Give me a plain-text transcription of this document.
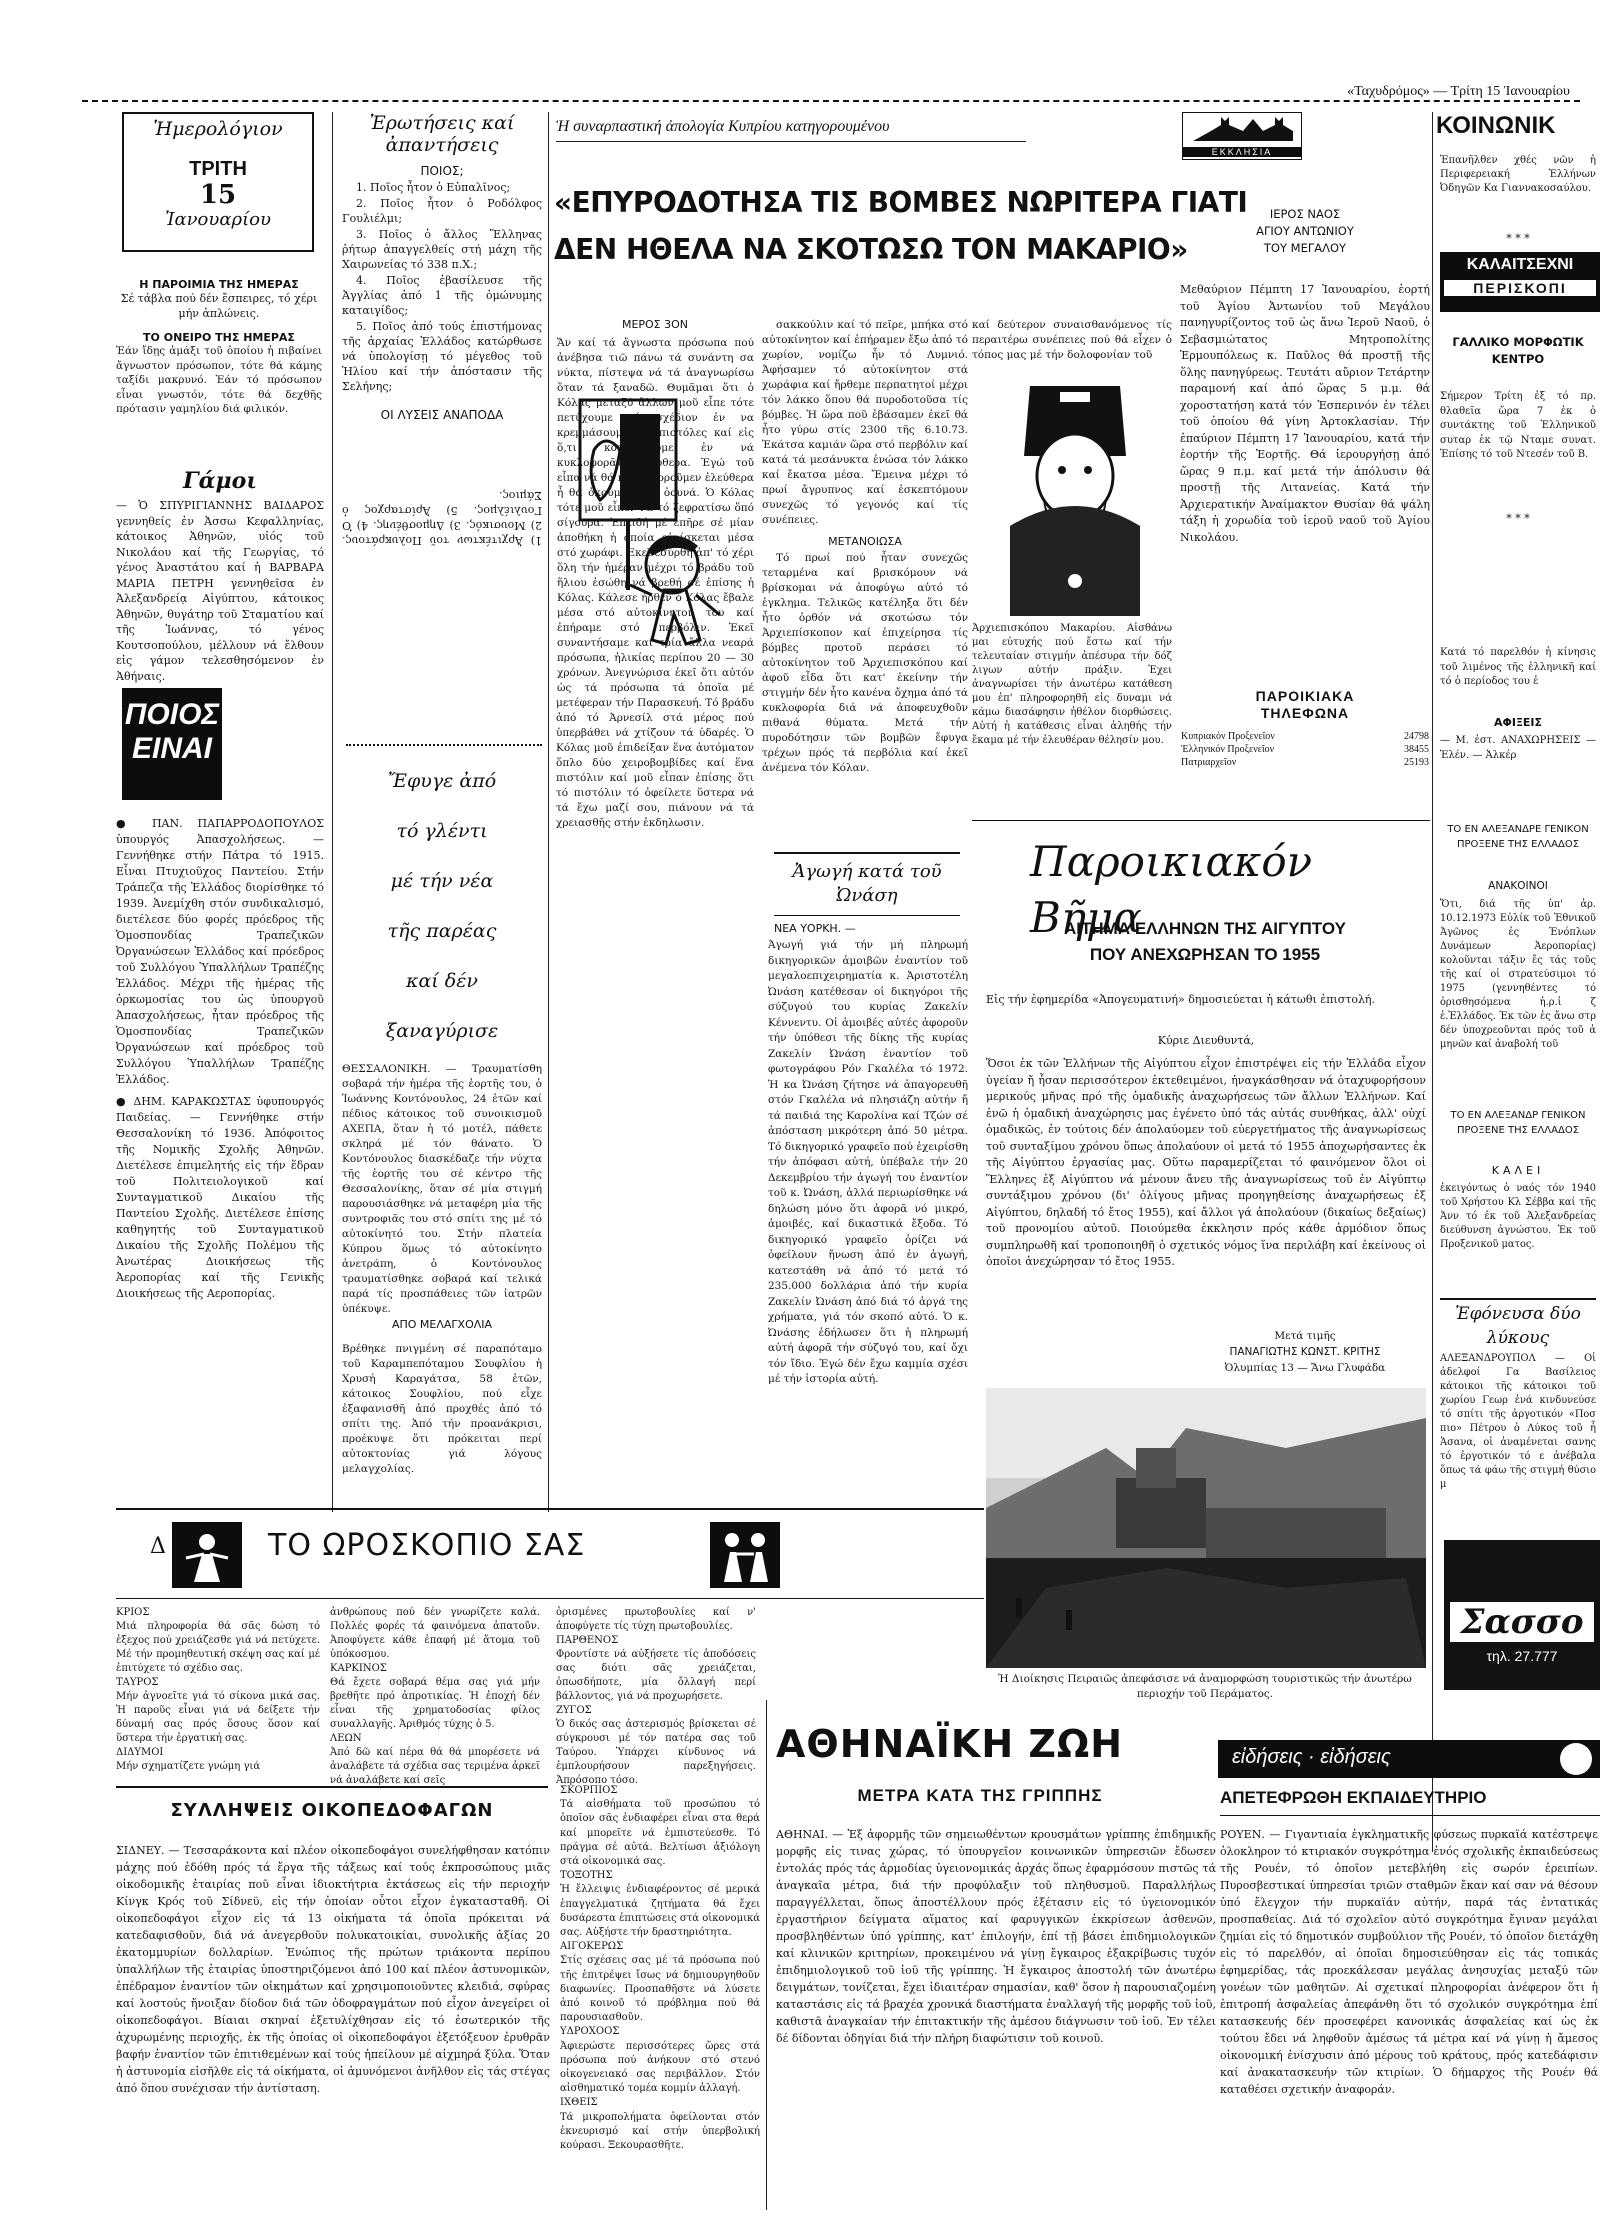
«Ταχυδρόμος» — Τρίτη 15 Ἰανουαρίου
Ἡμερολόγιον
ΤΡΙΤΗ
15
Ἰανουαρίου
Η ΠΑΡΟΙΜΙΑ ΤΗΣ ΗΜΕΡΑΣ
Σέ τάβλα πού δέν ἔσπειρες, τό χέρι μήν ἁπλώνεις.
ΤΟ ΟΝΕΙΡΟ ΤΗΣ ΗΜΕΡΑΣ
Ἐάν ἴδῃς ἁμάξι τοῦ ὁποίου ἡ πιβαίνει ἄγνωστον πρόσωπον, τότε θά κάμης ταξίδι μακρυνό. Ἐάν τό πρόσωπον εἶναι γνωστόν, τότε θά δεχθῆς πρότασιν γαμηλίου διά φιλικόν.
Γάμοι
— Ὁ ΣΠΥΡΙΓΙΑΝΝΗΣ ΒΑΙΔΑΡΟΣ γεννηθείς ἐν Ἀσσω Κεφαλληνίας, κάτοικος Ἀθηνῶν, υἱός τοῦ Νικολάου καί τῆς Γεωργίας, τό γένος Ἀναστάτου καί ἡ ΒΑΡΒΑΡΑ ΜΑΡΙΑ ΠΕΤΡΗ γεννηθεῖσα ἐν Ἀλεξανδρείᾳ Αἰγύπτου, κάτοικος Ἀθηνῶν, θυγάτηρ τοῦ Σταματίου καί τῆς Ἰωάννας, τό γένος Κουτσοπούλου, μέλλουν νά ἔλθουν εἰς γάμον τελεσθησόμενον ἐν Ἀθήναις.
ΠΟΙΟΣ
ΕΙΝΑΙ
● ΠΑΝ. ΠΑΠΑΡΡΟΔΟΠΟΥΛΟΣ ὑπουργός Ἀπασχολήσεως. — Γεννήθηκε στήν Πάτρα τό 1915. Εἶναι Πτυχιοῦχος Παντείου. Στήν Τράπεζα τῆς Ἑλλάδος διορίσθηκε τό 1939. Ἀνεμίχθη στόν συνδικαλισμό, διετέλεσε δύο φορές πρόεδρος τῆς Ὁμοσπονδίας Τραπεζικῶν Ὀργανώσεων Ἑλλάδος καί πρόεδρος τοῦ Συλλόγου Ὑπαλλήλων Τραπέζης Ἑλλάδος. Μέχρι τῆς ἡμέρας τῆς ὁρκωμοσίας του ὡς ὑπουργοῦ Ἀπασχολήσεως, ἦταν πρόεδρος τῆς Ὁμοσπονδίας Τραπεζικῶν Ὀργανώσεων καί πρόεδρος τοῦ Συλλόγου Ὑπαλλήλων Τραπέζης Ἑλλάδος.
● ΔΗΜ. ΚΑΡΑΚΩΣΤΑΣ ὑφυπουργός Παιδείας. — Γεννήθηκε στήν Θεσσαλονίκη τό 1936. Ἀπόφοιτος τῆς Νομικῆς Σχολῆς Ἀθηνῶν. Διετέλεσε ἐπιμελητής εἰς τήν ἕδραν τοῦ Πολιτειολογικοῦ καί Συνταγματικοῦ Δικαίου τῆς Παντείου Σχολῆς. Διετέλεσε ἐπίσης καθηγητής τοῦ Συνταγματικοῦ Δικαίου τῆς Σχολῆς Πολέμου τῆς Ἀνωτέρας Διοικήσεως τῆς Ἀεροπορίας καί τῆς Γενικῆς Διοικήσεως τῆς Αεροπορίας.
Ἐρωτήσεις καί ἀπαντήσεις
ΠΟΙΟΣ;

1. Ποῖος ἦτον ὁ Εὐπαλῖνος;

2. Ποῖος ἦτον ὁ Ροδόλφος Γουλιέλμι;

3. Ποῖος ὁ ἄλλος Ἕλληνας ῥήτωρ ἀπαγγελθείς στή μάχη τῆς Χαιρωνείας τό 338 π.Χ.;

4. Ποῖος ἐβασίλευσε τῆς Ἀγγλίας ἀπό 1 τῆς ὁμώνυμης καταιγίδος;

5. Ποῖος ἀπό τούς ἐπιστήμονας τῆς ἀρχαίας Ἑλλάδος κατώρθωσε νά ὑπολογίσῃ τό μέγεθος τοῦ Ἡλίου καί τήν ἀπόστασιν τῆς Σελήνης;

ΟΙ ΛΥΣΕΙΣ ΑΝΑΠΟΔΑ
1) Ἀρχιτέκτων τοῦ Πολυκράτους. 2) Μουσικός. 3) Δημοσθένης. 4) Ὁ Γουλιέλμος. 5) Ἀρίσταρχος ὁ Σάμιος.
Ἔφυγε ἀπό
τό γλέντι
μέ τήν νέα
τῆς παρέας
καί δέν
ξαναγύρισε
ΘΕΣΣΑΛΟΝΙΚΗ. — Τραυματίσθη σοβαρά τήν ἡμέρα τῆς ἑορτῆς του, ὁ Ἰωάννης Κοντόνουλος, 24 ἐτῶν καί πέδιος κάτοικος τοῦ συνοικισμοῦ ΑΧΕΠΑ, ὅταν ἡ τό μοτέλ, πάθετε σκληρά μέ τόν θάνατο. Ὁ Κοντόνουλος διασκέδαζε τήν νύχτα τῆς ἑορτῆς του σέ κέντρο τῆς Θεσσαλονίκης, ὅταν σέ μία στιγμή παρουσιάσθηκε νά μεταφέρη μία τῆς συντροφιᾶς του στό σπίτι της μέ τό αὐτοκίνητό του. Στήν πλατεία Κύπρου ὅμως τό αὐτοκίνητο ἀνετράπη, ὁ Κοντόνουλος τραυματίσθηκε σοβαρά καί τελικά παρά τίς προσπάθειες τῶν ἰατρῶν ὑπέκυψε.
ΑΠΟ ΜΕΛΑΓΧΟΛΙΑ
Βρέθηκε πνιγμένη σέ παραπόταμο τοῦ Καραμπεπόταμου Σουφλίου ἡ Χρυσή Καραγάτσα, 58 ἐτῶν, κάτοικος Σουφλίου, πού εἶχε ἐξαφανισθῆ ἀπό προχθές ἀπό τό σπίτι της. Ἀπό τήν προανάκρισι, προέκυψε ὅτι πρόκειται περί αὐτοκτονίας γιά λόγους μελαγχολίας.
Ἡ συναρπαστική ἀπολογία Κυπρίου κατηγορουμένου
«ΕΠΥΡΟΔΟΤΗΣΑ ΤΙΣ ΒΟΜΒΕΣ ΝΩΡΙΤΕΡΑ ΓΙΑΤΙ
ΔΕΝ ΗΘΕΛΑ ΝΑ ΣΚΟΤΩΣΩ ΤΟΝ ΜΑΚΑΡΙΟ»
ΜΕΡΟΣ 3ΟΝ
Ἄν καί τά ἄγνωστα πρόσωπα πού ἀνέβησα τιῶ πάνω τά συνάντη σα νύκτα, πίστεψα νά τά ἀναγνωρίσω ὅταν τά ξαναδῶ. Θυμᾶμαι ὅτι ὁ Κόλας μεταξύ ἄλλων μοῦ εἶπε τότε πετύχουμε τό σχέδιον ἐν να κρεμμάσουμε τές πιστόλες καί εἰς ὅ,τι κοπετήσουμε ἐν νά κυκλοφορᾶτε ἐλεύθερα. Ἐγώ τοῦ εἶπα νά θά κυκλοφοροῦμεν ἐλεύθερα ἦ θά ὁκούμεν στά ὀουνά. Ὁ Κόλας τότε μοῦ εἶπεν νά τό ξεφρατίσω ὅπό σίγουρα. Ἐπειδή μέ ἐπῆρε σέ μίαν ἀποθήκη ἡ ὁποία εὑρίσκεται μέσα στό χωράφι. Ἐκεῖ ἐσύρθη ἀπ' τό χέρι ὅλη τήν ἡμέραν μέχρι τό βράδυ τοῦ ἥλιου ἐσώθη νά βρεθή σέ ἐπίσης ἡ Κόλας. Κάλεσε ἦρθεν ὁ Κόλας ἔβαλε μέσα στό αὐτοκίνητον του καί ἐπήραμε στό περβόλιν. Ἐκεῖ συναντήσαμε καί τρία ἄλλα νεαρά πρόσωπα, ἡλικίας περίπου 20 — 30 χρόνων. Ἀνεγνώρισα ἐκεῖ ὅτι αὐτόν ὡς τά πρόσωπα τά ὁποῖα μέ μετέφεραν τήν Παρασκευή. Τό βράδυ ἀπό τό Ἀρνεσίλ στά μέρος πού ὑπερβάθει νά χτίζουν τά ὑδαρές. Ὁ Κόλας μοῦ ἐπιδείξαν ἕνα ἀυτόματον ὅπλο δύο χειροβομβίδες καί ἕνα πιστόλιν καί μοῦ εἶπαν ἐπίσης ὅτι τό πιστόλιν τό ὀφείλετε ὕστερα νά τά ἔχω μαζί σου, πιάνουν νά τά χρειασθῆς στήν ἐκδηλωσιν.

σακκούλιν καί τό πεῖρε, μπήκα στό αὐτοκίνητον καί ἐπήραμεν ἔξω ἀπό τό χωρίον, νομίζω ἦν τό Λυμνιό. Ἀφήσαμεν τό αὐτοκίνητον στά χωράφια καί ἤρθεμε περπατητοί μέχρι τόν λάκκο ὅπου θά πυροδοτοῦσα τίς βόμβες. Ἡ ὥρα ποῦ ἐβάσαμεν ἐκεῖ θά ἦτο γύρω στίς 2300 τῆς 6.10.73. Ἐκάτσα καμιάν ὥρα στό περβόλιν καί κατά τά μεσάνυκτα ἐνώσα τόν λάκκο καί ἔκατσα μέσα. Ἔμεινα μέχρι τό πρωί ἄγρυπνος καί ἐσκεπτόμουν συνεχῶς τό γεγονός καί τίς συνέπειες.

ΜΕΤΑΝΟΙΩΣΑ

Τό πρωί πού ἦταν συνεχῶς τεταρμένα καί βρισκόμουν νά βρίσκομαι νά ἀποφύγω αὐτό τό ἐγκλημα. Τελικῶς κατέληξα ὅτι δέν ἦτο ὀρθόν νά σκοτώσω τόν Ἀρχιεπίσκοπον καί ἐπιχείρησα τίς βόμβες προτοῦ περάσει τό αὐτοκίνητον τοῦ Ἀρχιεπισκόπου καί ἀφοῦ εἶδα ὅτι κατ' ἐκείνην τήν στιγμήν δέν ἦτο κανένα ὄχημα ἀπό τά κυκλοφορία διά νά ἀποφευχθοῦν πιθανά θύματα. Μετά τήν πυροδότησιν τῶν βομβῶν ἔφυγα τρέχων πρός τά περβόλια καί ἐκεῖ ἀνέμενα τόν Κόλαν.

καί δεύτερον συναισθανόμενος τίς περαιτέρω συνέπειες πού θά εἶχεν ὁ τόπος μας μέ τήν δολοφονίαν τοῦ
Ἀρχιεπισκόπου Μακαρίου. Αἰσθάνω μαι εὐτυχής πού ἔστω καί τήν τελευταίαν στιγμήν ἀπέσυρα τήν δόζ λιγων αὐτήν πράξιν. Ἐχει ἀναγνωρίσει τήν ἀνωτέρω κατάθεση μου ἐπ' πληροφορηθῆ εἰς δυναμι νά κάμω διασάφησιν ἠθέλον διορθώσεις. Αὐτή ἡ κατάθεσις εἶναι ἀληθής τήν ἔκαμα μέ τήν ἐλευθέραν θέλησίν μου.
Ἀγωγή κατά τοῦ Ὠνάση
ΝΕΑ ΥΟΡΚΗ. —
Ἀγωγή γιά τήν μή πληρωμή δικηγορικῶν ἀμοιβῶν ἐναντίον τοῦ μεγαλοεπιχειρηματία κ. Ἀριστοτέλη Ὠνάση κατέθεσαν οἱ δικηγόροι τῆς σύζυγού του κυρίας Ζακελίν Κέννεντυ. Οἱ ἀμοιβές αὐτές ἀφοροῦν τήν ὑπόθεσι τῆς δίκης τῆς κυρίας Ζακελίν Ὠνάση ἐναντίον τοῦ φωτογράφου Ρόν Γκαλέλα τό 1972. Ἡ κα Ὠνάση ζήτησε νά ἀπαγορευθῆ στόν Γκαλέλα νά πλησιάζη αὐτήν ἤ τά παιδιά της Καρολίνα καί Τζών σέ ἀπόσταση μικρότερη ἀπό 50 μέτρα. Τό δικηγορικό γραφεῖο πού ἐχειρίσθη τήν ἀπόφασι αὐτή, ὑπέβαλε τήν 20 Δεκεμβρίου τήν ἀγωγή του ἐναντίον τοῦ κ. Ὠνάση, ἀλλά περιωρίσθηκε νά δηλώση μόνο ὅτι ἀφορᾶ νό μικρό, ἀμοιβές, καί δικαστικά ἔξοδα. Τό δικηγορικό γραφεῖο ὁρίζει νά ὀφείλουν ἤνωση ἀπό ἐν ἀγωγή, κατεστάθη νά ἀπό τό μετά τό 235.000 δολλάρια ἀπό τήν κυρία Ζακελίν Ὠνάση ἀπό διά τό ἀργά της χρήματα, γιά τόν σκοπό αὐτό. Ὁ κ. Ὠνάσης ἐδήλωσεν ὅτι ἡ πληρωμή αὐτή ἀφορᾶ τήν σύζυγό του, καί ὄχι τόν ἴδιο. Ἐγώ δέν ἔχω καμμία σχέσι μέ τήν ἱστορία αὐτή.
ΕΚΚΛΗΣΙΑ
ΙΕΡΟΣ ΝΑΟΣ
ΑΓΙΟΥ ΑΝΤΩΝΙΟΥ
ΤΟΥ ΜΕΓΑΛΟΥ
Μεθαύριον Πέμπτη 17 Ἰανουαρίου, ἑορτή τοῦ Ἁγίου Ἀντωνίου τοῦ Μεγάλου πανηγυρίζοντος τοῦ ὡς ἄνω Ἱεροῦ Ναοῦ, ὁ Σεβασμιώτατος Μητροπολίτης Ἑρμουπόλεως κ. Παῦλος θά προστῇ τῆς ὅλης πανηγύρεως. Τευτάτι αὔριον Τετάρτην παραμονή καί ἀπό ὥρας 5 μ.μ. θά χοροστατήση κατά τόν Ἑσπερινόν ἐν τέλει τοῦ ὁποίου θά γίνη Ἀρτοκλασίαν. Τήν ἐπαύριον Πέμπτη 17 Ἰανουαρίου, κατά τήν ἑορτήν τῆς Ἑορτῆς. Θά ἱερουργήσῃ ἀπό ὥρας 9 π.μ. καί μετά τήν ἀπόλυσιν θά προστῇ τῆς Λιτανείας. Κατά τήν Ἀρχιερατικήν Ἀναίμακτον Θυσίαν θά ψάλη τάξη ἡ χορωδία τοῦ ἱεροῦ ναοῦ τοῦ Ἁγίου Νικολάου.
ΠΑΡΟΙΚΙΑΚΑ ΤΗΛΕΦΩΝΑ
Κυπριακόν Προξενεῖον	24798
Ἑλληνικόν Προξενεῖον	38455
Πατριαρχεῖον	25193
Παροικιακόν Βῆμα
ΑΙΤΗΜΑ ΕΛΛΗΝΩΝ ΤΗΣ ΑΙΓΥΠΤΟΥ
ΠΟΥ ΑΝΕΧΩΡΗΣΑΝ ΤΟ 1955
Εἰς τήν ἐφημερίδα «Ἀπογευματινή» δημοσιεύεται ἡ κάτωθι ἐπιστολή.
Κύριε Διευθυντά,
Ὅσοι ἐκ τῶν Ἑλλήνων τῆς Αἰγύπτου εἶχον ἐπιστρέψει εἰς τήν Ἑλλάδα εἶχον ὑγείαν ἤ ἦσαν περισσότερον ἐκτεθειμένοι, ἠναγκάσθησαν νά ὁταχυφορήσουν μερικούς μῆνας πρό τῆς ὁμαδικῆς ἀναχωρήσεως τῶν ἄλλων Ἑλλήνων. Καί ἐνῶ ἡ ὁμαδική ἀναχώρησις μας ἐγένετο ὑπό τάς αὐτάς συνθήκας, ἀλλ' οὐχί ὁμαδικῶς, ἐν τούτοις δέν ἀπολαύομεν τοῦ εὐεργετήματος τῆς ἀναγνωρίσεως τοῦ συνταξίμου χρόνου ὅπως ἀπολαύουν οἱ μετά τό 1955 ἀποχωρήσαντες ἐκ τῆς Αἰγύπτου ἐργασίας μας. Οὕτω παραμερίζεται τό φαινόμενον ὅλοι οἱ Ἕλληνες ἐξ Αἰγύπτου νά μένουν ἄνευ τῆς ἀναγνωρίσεως τοῦ ἐν Αἰγύπτῳ συντάξιμου χρόνου (δι' ὀλίγους μῆνας προηγηθείσης ἀναχωρήσεως ἐξ Αἰγύπτου, δηλαδή τό ἔτος 1955), καί ἄλλοι γά ἀπολαύουν (δικαίως δεξαίως) τοῦ προνομίου αὐτοῦ. Ποιούμεθα ἐκκλησιν πρός κάθε ἁρμόδιον ὅπως συμπληρωθῆ καί τροποποιηθῆ ὁ σχετικός νόμος ἵνα περιλάβη καί ἐκείνους οἱ ὁποῖοι ἀνεχώρησαν τό ἔτος 1955.
Μετά τιμῆς
ΠΑΝΑΓΙΩΤΗΣ ΚΩΝΣΤ. ΚΡΙΤΗΣ
Ὀλυμπίας 13 — Ἄνω Γλυφάδα
Ἡ Διοίκησις Πειραιῶς ἀπεφάσισε νά ἀναμορφώση τουριστικῶς τήν ἀνωτέρω περιοχήν τοῦ Περάματος.
ΚΟΙΝΩΝΙΚ
Ἐπανῆλθεν χθές νῶν ἡ Περιφερειακή Ἑλλήνων Ὀδηγῶν Κα Γιαννακοσαύλου.
* * *
ΚΑΛΑΙΤΣΕΧΝΙ
ΠΕΡΙΣΚΟΠΙ
ΓΑΛΛΙΚΟ ΜΟΡΦΩΤΙΚ ΚΕΝΤΡΟ
Σήμερον Τρίτη ἐξ τό πρ. θλαθεῖα ὥρα 7 ἐκ ὁ συντάκτης τοῦ Ἑλληνικοῦ συταρ ἐκ τῷ Νταμε συνατ. Ἐπίσης τό τοῦ Ντεσέν τοῦ Β.
* * *
Κατά τό παρελθόν ἡ κίνησις τοῦ λιμένος τῆς ἑλληνικῆ καί τό ὁ περίοδος του ἐ
ΑΦΙΞΕΙΣ
— Μ. ἐστ. ΑΝΑΧΩΡΗΣΕΙΣ — Ἑλέν. — Ἀλκέρ
ΤΟ ΕΝ ΑΛΕΞΑΝΔΡΕ ΓΕΝΙΚΟΝ ΠΡΟΞΕΝΕ ΤΗΣ ΕΛΛΑΔΟΣ
ΑΝΑΚΟΙΝΟΙ
Ὅτι, διά τῆς ὑπ' ἀρ. 10.12.1973 Εὐλίκ τοῦ Ἑθνικοῦ Ἀγῶνος ἐς Ἐνόπλων Δυνάμεων Ἀεροπορίας) κολοῦνται τάξιν ἔς τάς τοῦς τῆς καί οἱ στρατεύσιμοι τό 1975 (γεννηθέντες τό ὀρισθησόμενα ἡ.ρ.ἰ ζ ἐ.Ἑλλάδος. Ἐκ τῶν ἐς ἄνω στρ δέν ὑποχρεοῦνται πρός τοῦ ἀ μηνῶν καί ἀναβολή τοῦ
ΤΟ ΕΝ ΑΛΕΞΑΝΔΡ ΓΕΝΙΚΟΝ ΠΡΟΞΕΝΕ ΤΗΣ ΕΛΛΑΔΟΣ
ΚΑΛΕΙ
ἐκειγόντως ὁ ναός τόν 1940 τοῦ Χρήστου Κλ Σέββα καί τῆς Ἀνν τό ἐκ τοῦ Ἀλεξανδρείας διεύθυνση ἀγνώστου. Ἐκ τοῦ Προξενικοῦ ματος.
Ἐφόνευσα δύο λύκους
ΑΛΕΞΑΝΔΡΟΥΠΟΛ — Οἱ ἀδελφοί Γα Βασίλειος κάτοικοι τῆς κάτοικοι τοῦ χωρίου Γεωρ ἐνά κινδυνεύσε τό σπίτι τῆς ἀργοτικόν «Ποσ πιο» Πέτρου ὁ Λύκος τοῦ ἦ Ἁσανα, οἱ ἀναμένεται σανης τό ἐργοτικόν τό ε ἀνέβαλα ὅπως τά φάω τῆς στιγμή θύσιο μ
Σασσο
τηλ. 27.777
Δ	ΤΟ ΩΡΟΣΚΟΠΙΟ ΣΑΣ
ΚΡΙΟΣ
Μιά πληροφορία θά σᾶς δώση τό ἐξεχος πού χρειάζεσθε γιά νά πετύχετε. Μέ τήν προμηθευτική σκέψη σας καί μέ ἐπιτύχετε τό σχέδιο σας.
ΤΑΥΡΟΣ
Μήν ἀγνοεῖτε γιά τό σίκονα μικά σας. Ἡ παροῦς εἶναι γιά νά δείξετε τήν δύναμή σας πρός ὅσους ὅσον καί ὕστερα τήν ἐργατική σας.
ΔΙΔΥΜΟΙ
Μήν σχηματίζετε γνώμη γιά
ἀνθρώπους πού δέν γνωρίζετε καλά. Πολλές φορές τά φαινόμενα ἀπατοῦν. Ἀποφύγετε κάθε ἐπαφή μέ ἄτομα τοῦ ὑπόκοσμου.
ΚΑΡΚΙΝΟΣ
Θά ἔχετε σοβαρά θέμα σας γιά μήν βρεθῆτε πρό ἀπροτικίας. Ἡ ἐποχή δέν εἶναι τῆς χρηματοδοσίας φίλος συναλλαγῆς. Ἀριθμός τύχης ὁ 5.
ΛΕΩΝ
Ἀπό δῶ καί πέρα θά θά μπορέσετε νά ἀναλάβετε τά σχέδια σας τεριμένα ἀρκεῖ νά ἀναλάβετε καί σεῖς
ὁρισμένες πρωτοβουλίες καί ν' ἀποφύγετε τίς τύχη πρωτοβουλίες.
ΠΑΡΘΕΝΟΣ
Φροντίστε νά αὐξήσετε τίς ἀποδόσεις σας διότι σᾶς χρειάζεται, ὁπωσδήποτε, μία ὄλλαγή περί βάλλοντος, γιά νά προχωρήσετε.
ΖΥΓΟΣ
Ὁ δικός σας ἀστερισμός βρίσκεται σέ σύγκρουσι μέ τόν πατέρα σας τοῦ Ταύρου. Ὑπάρχει κίνδυνος νά ἐμπλουρήσουν παρεξηγήσεις. Ἀπρόσοπο τόσο.
ΣΚΟΡΠΙΟΣ
Τά αἰσθήματα τοῦ προσώπου τό ὁποῖον σᾶς ἐνδιαφέρει εἶναι στα θερά καί μπορεῖτε νά ἐμπιστεύεσθε. Τό πράγμα σέ αὐτά. Βελτίωσι ἀξιόλογη στά οἰκονομικά σας.
ΤΟΞΟΤΗΣ
Ἡ ἔλλειψις ἐνδιαφέροντος σέ μερικά ἐπαγγελματικά ζητήματα θά ἔχει δυσάρεστα ἐπιπτώσεις στά οἰκονομικά σας. Αὐξήστε τήν δραστηριότητα.
ΑΙΓΟΚΕΡΩΣ
Στίς σχέσεις σας μέ τά πρόσωπα πού τῆς ἐπιτρέψει ἴσως νά δημιουργηθοῦν διαφωνίες. Προσπαθῆστε νά λύσετε ἀπό κοινοῦ τό πρόβλημα πού θά παρουσιασθοῦν.
ΥΔΡΟΧΟΟΣ
Ἀφιερώστε περισσότερες ὥρες στά πρόσωπα πού ἀνήκουν στό στενό οἰκογενειακό σας περιβάλλον. Στόν αἰσθηματικό τομέα κομμίν ἀλλαγή.
ΙΧΘΕΙΣ
Τά μικροπολήματα ὀφείλονται στόν ἐκνευρισμό καί στήν ὑπερβολική κούρασι. Ξεκουρασθῆτε.
ΣΥΛΛΗΨΕΙΣ ΟΙΚΟΠΕΔΟΦΑΓΩΝ
ΣΙΔΝΕΥ. — Τεσσαράκοντα καί πλέον οἰκοπεδοφάγοι συνελήφθησαν κατόπιν μάχης πού ἐδόθη πρός τά ἔργα τῆς τάξεως καί τούς ἐκπροσώπους μιᾶς οἰκοδομικῆς ἑταιρίας ποῦ εἶναι ἰδιοκτήτρια ἐκτάσεως εἰς τήν περιοχήν Κίνγκ Κρός τοῦ Σίδνεϋ, εἰς τήν ὁποίαν οὗτοι εἶχον ἐγκατασταθῆ. Οἱ οἰκοπεδοφάγοι εἶχον εἰς τά 13 οἰκήματα τά ὁποῖα πρόκειται νά κατεδαφισθοῦν, διά νά ἀνεγερθοῦν πολυκατοικίαι, συνολικῆς ἀξίας 20 ἑκατομμυρίων δολλαρίων. Ἐνώπιος τῆς πρώτων τριάκοντα περίπου ὑπαλλήλων τῆς ἑταιρίας ὑποστηριζόμενοι ἀπό 100 καί πλέον ἀστυνομικῶν, ἐπέδραμον ἐναντίον τῶν οἰκημάτων καί χρησιμοποιοῦντες κλειδιά, σφύρας καί λοστούς ἤνοιξαν δίοδον διά τῶν ὀδοφραγμάτων πού εἶχον ἀνεγείρει οἱ οἰκοπεδοφάγοι. Βίαιαι σκηναί ἐξετυλίχθησαν εἰς τό ἐσωτερικόν τῆς ἀχυρωμένης περιοχῆς, ἐκ τῆς ὁποίας οἱ οἰκοπεδοφάγοι ἐξετόξευον ἐρυθρᾶν βαφήν ἐναντίον τῶν ἐπιτιθεμένων καί τούς ἠπείλουν μέ αἰχμηρά ξύλα. Ὅταν ἡ ἀστυνομία εἰσῆλθε εἰς τά οἰκήματα, οἱ ἀμυνόμενοι ἀνῆλθον εἰς τάς στέγας ἀπό ὅπου συνέχισαν τήν ἀντίσταση.
ΑΘΗΝΑΪΚΗ ΖΩΗ
ΜΕΤΡΑ ΚΑΤΑ ΤΗΣ ΓΡΙΠΠΗΣ
ΑΘΗΝΑΙ. — Ἐξ ἀφορμῆς τῶν σημειωθέντων κρουσμάτων γρίππης ἐπιδημικῆς μορφῆς εἰς τινας χώρας, τό ὑπουργεῖον κοινωνικῶν ὑπηρεσιῶν ἔδωσεν ἐντολάς πρός τάς ἁρμοδίας ὑγειονομικάς ἀρχάς ὅπως ἐφαρμόσουν πιστῶς τά ἀναγκαῖα μέτρα, διά τήν προφύλαξιν τοῦ πληθυσμοῦ. Παραλλήλως παραγγέλλεται, ὅπως ἀποστέλλουν πρός ἐξέτασιν εἰς τό ὑγειονομικόν ἐργαστήριον δείγματα αἵματος καί φαρυγγικῶν ἐκκρίσεων ἀσθενῶν, προσβληθέντων ὑπό γρίππης, κατ' ἐπιλογήν, ἐπί τῇ βάσει ἐπιδημιολογικῶν καί κλινικῶν κριτηρίων, προκειμένου νά γίνῃ ἔγκαιρος ἐξακρίβωσις τυχόν ἐπιδημιολογικοῦ τοῦ ἰοῦ τῆς γρίππης. Ἡ ἔγκαιρος ἀποστολή τῶν ἀνωτέρω δειγμάτων, τονίζεται, ἔχει ἰδιαιτέραν σημασίαν, καθ' ὅσον ἡ παρουσιαζομένη καταστάσις εἰς τά βραχέα χρονικά διαστήματα ἐναλλαγή τῆς μορφῆς τοῦ ἰοῦ, καθιστᾶ ἀναγκαίαν τήν ἐπιτακτικήν τῆς ἀμέσου διάγνωσιν τοῦ ἰοῦ. Ἐν τέλει δέ δίδονται ὁδηγίαι διά τήν πλήρη διαφώτισιν τοῦ κοινοῦ.
εἰδήσεις · εἰδήσεις
ΑΠΕΤΕΦΡΩΘΗ ΕΚΠΑΙΔΕΥΤΗΡΙΟ
ΡΟΥΕΝ. — Γιγαντιαία ἐγκληματικῆς φύσεως πυρκαϊά κατέστρεψε ὁλοκληρον τό κτιριακόν συγκρότημα ἑνός σχολικῆς ἐκπαιδεύσεως τῆς Ρουέν, τό ὁποῖον μετεβλήθη εἰς σωρόν ἐρειπίων. Πυροσβεστικαί ὑπηρεσίαι τριῶν σταθμῶν ἔκαν καί σαν νά θέσουν ὑπό ἔλεγχον τήν πυρκαϊάν αὐτήν, παρά τάς ἐντατικάς προσπαθείας. Διά τό σχολεῖον αὐτό συγκρότημα ἔγιναν μεγάλαι ζημίαι εἰς τό δημοτικόν συμβούλιον τῆς Ρουέν, τό ὁποῖον διετάχθη εἰς τό παρελθόν, αἱ ὁποῖαι δημοσιεύθησαν εἰς τάς τοπικάς ἐφημερίδας, τάς προεκάλεσαν μεγάλας ἀνησυχίας μεταξύ τῶν γονέων τῶν μαθητῶν. Αἱ σχετικαί πληροφορίαι ἀνέφερον ὅτι ἡ ἐπιτροπή ἀσφαλείας ἀπεφάνθη ὅτι τό σχολικόν συγκρότημα ἐπί κατασκευής δέν προσεφέρει κανονικάς ἀσφαλείας καί ὡς ἐκ τούτου ἔδει νά ληφθοῦν ἀμέσως τά μέτρα καί νά γίνῃ ἡ ἄμεσος οἰκονομική ἐνίσχυσιν ἀπό μέρους τοῦ κράτους, πρός κατεδάφισιν καί ἀνακατασκευήν τῶν κτιρίων. Ὁ δήμαρχος τῆς Ρουέν θά καταθέσει σχετικήν ἀναφοράν.
